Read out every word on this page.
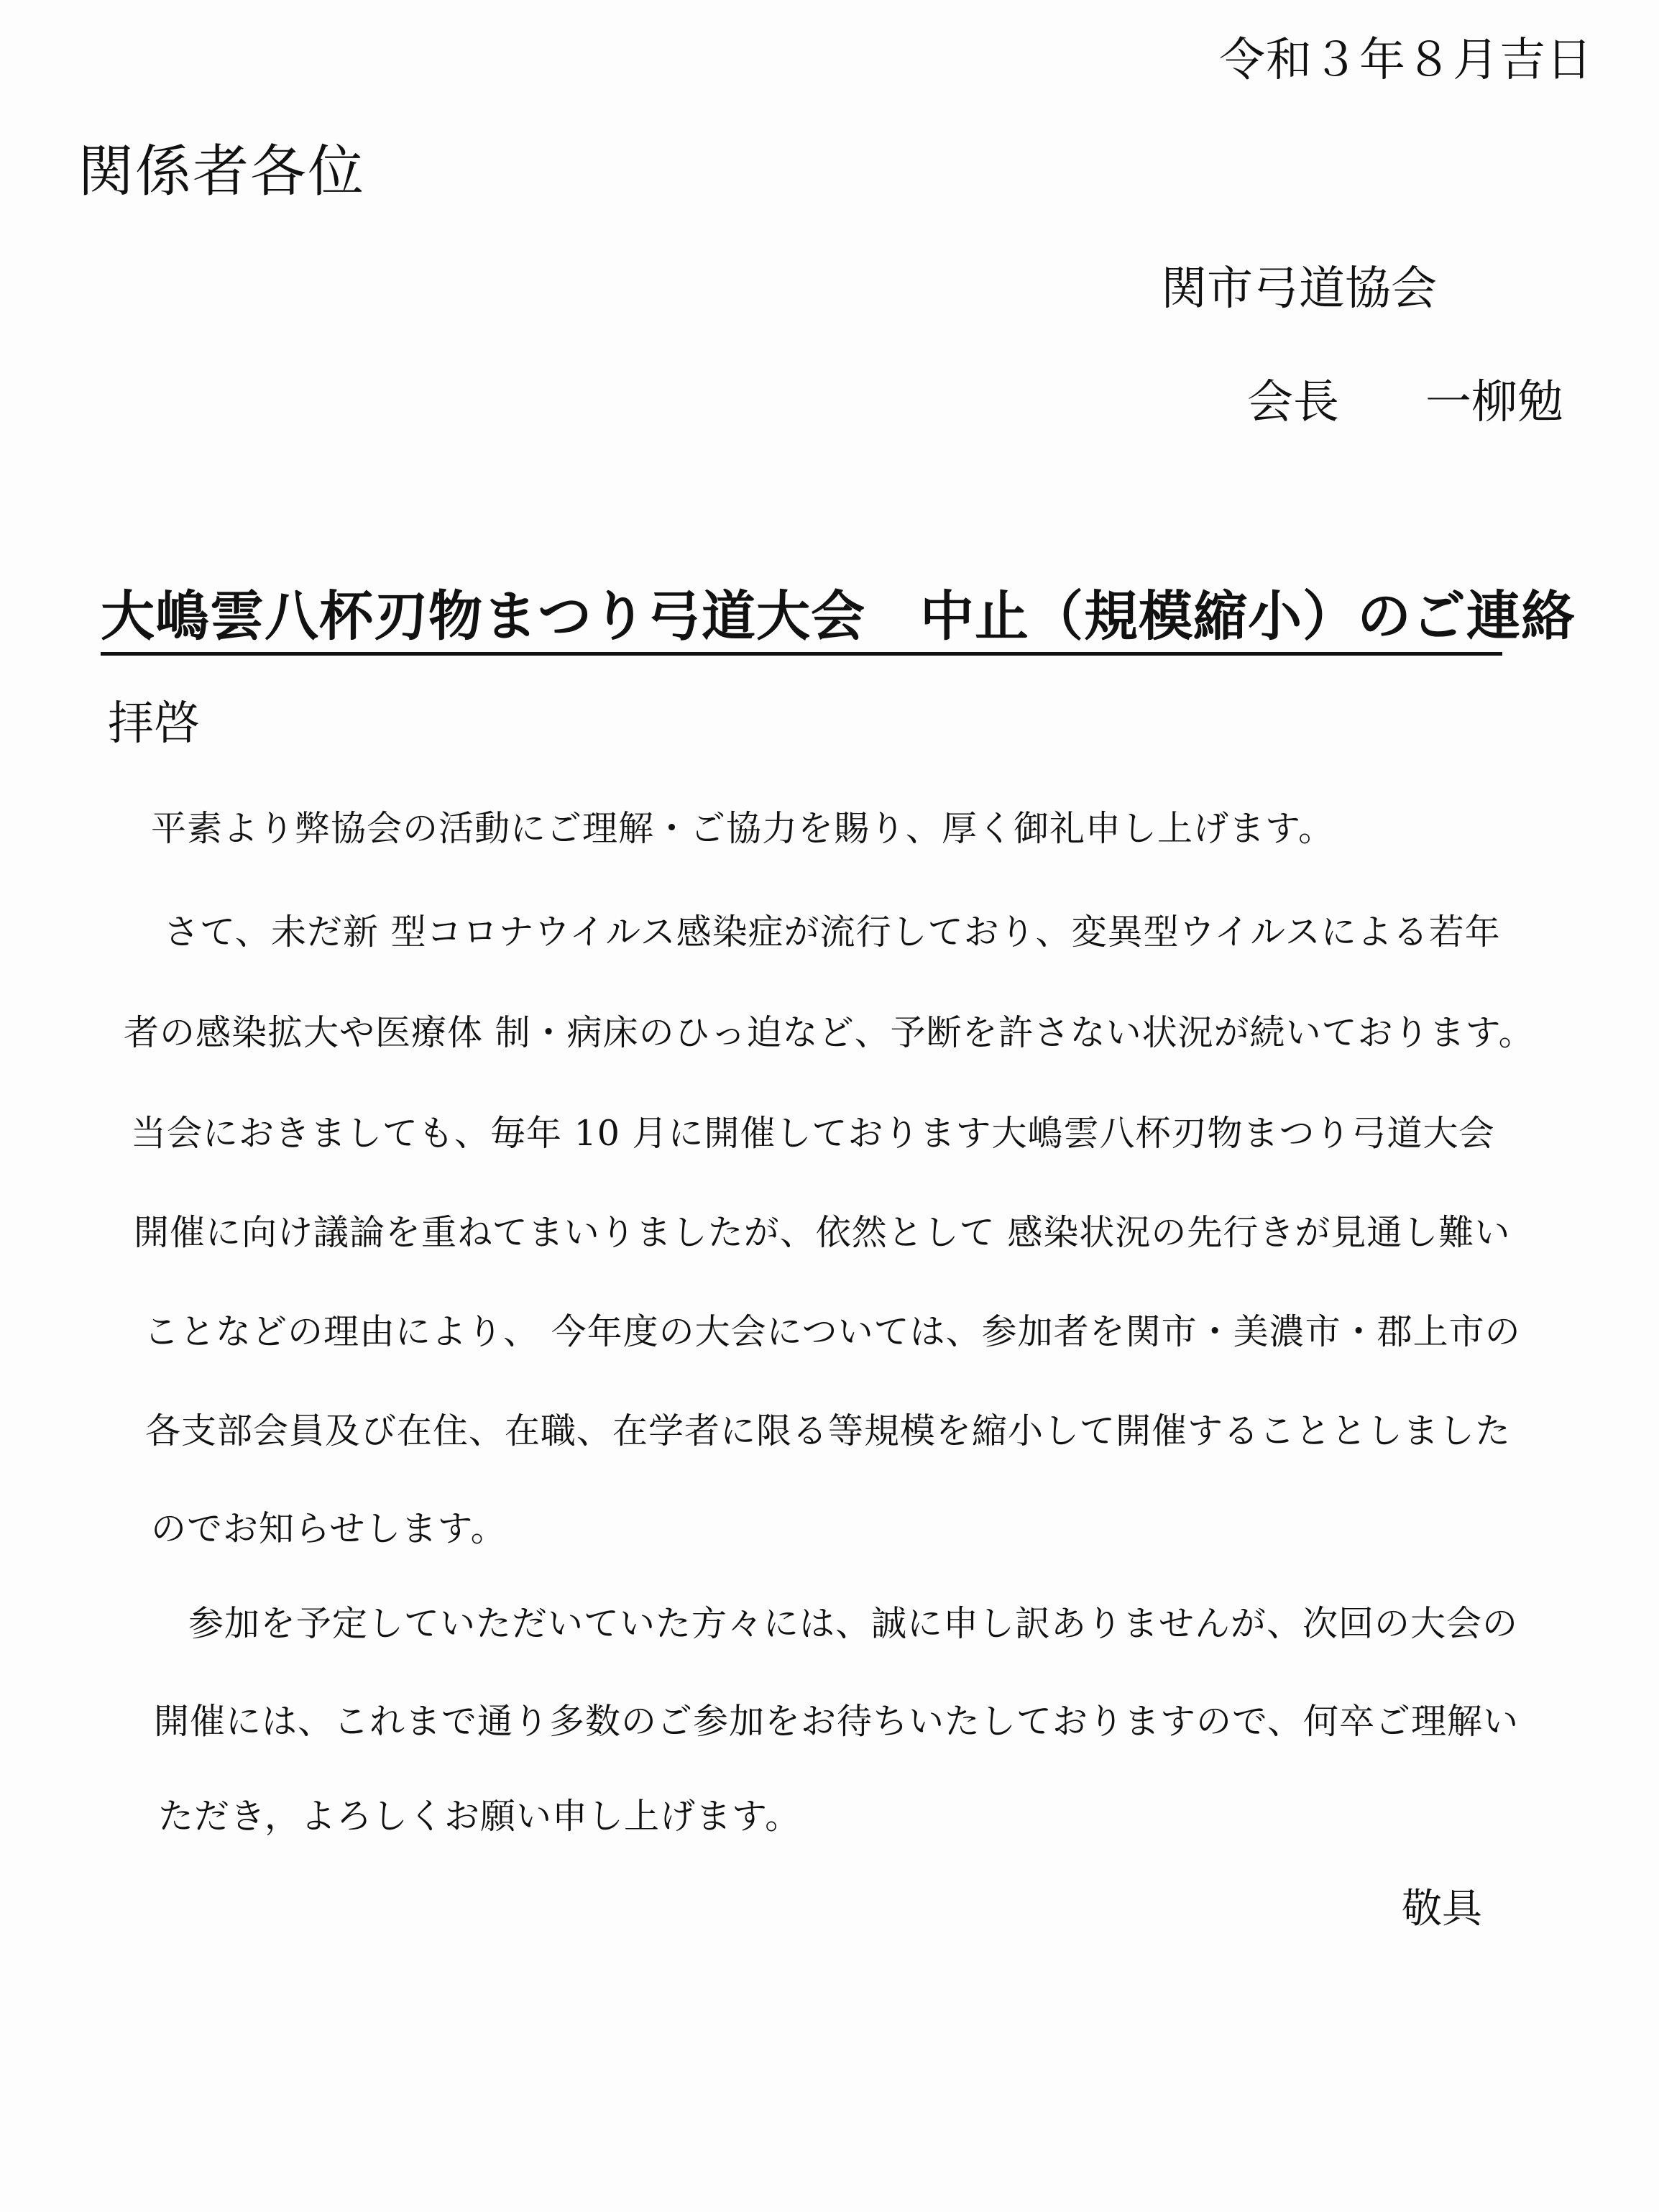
令和３年８月吉日
関係者各位
関市弓道協会
会長 一柳勉
大嶋雲八杯刃物まつり弓道大会　中止（規模縮小）のご連絡
拝啓
平素より弊協会の活動にご理解・ご協力を賜り、厚く御礼申し上げます。
さて、未だ新 型コロナウイルス感染症が流行しており、変異型ウイルスによる若年
者の感染拡大や医療体 制・病床のひっ迫など、予断を許さない状況が続いております。
当会におきましても、毎年 10 月に開催しております大嶋雲八杯刃物まつり弓道大会
開催に向け議論を重ねてまいりましたが、依然として 感染状況の先行きが見通し難い
ことなどの理由により、 今年度の大会については、参加者を関市・美濃市・郡上市の
各支部会員及び在住、在職、在学者に限る等規模を縮小して開催することとしました
のでお知らせします。
参加を予定していただいていた方々には、誠に申し訳ありませんが、次回の大会の
開催には、これまで通り多数のご参加をお待ちいたしておりますので、何卒ご理解い
ただき，よろしくお願い申し上げます。
敬具
